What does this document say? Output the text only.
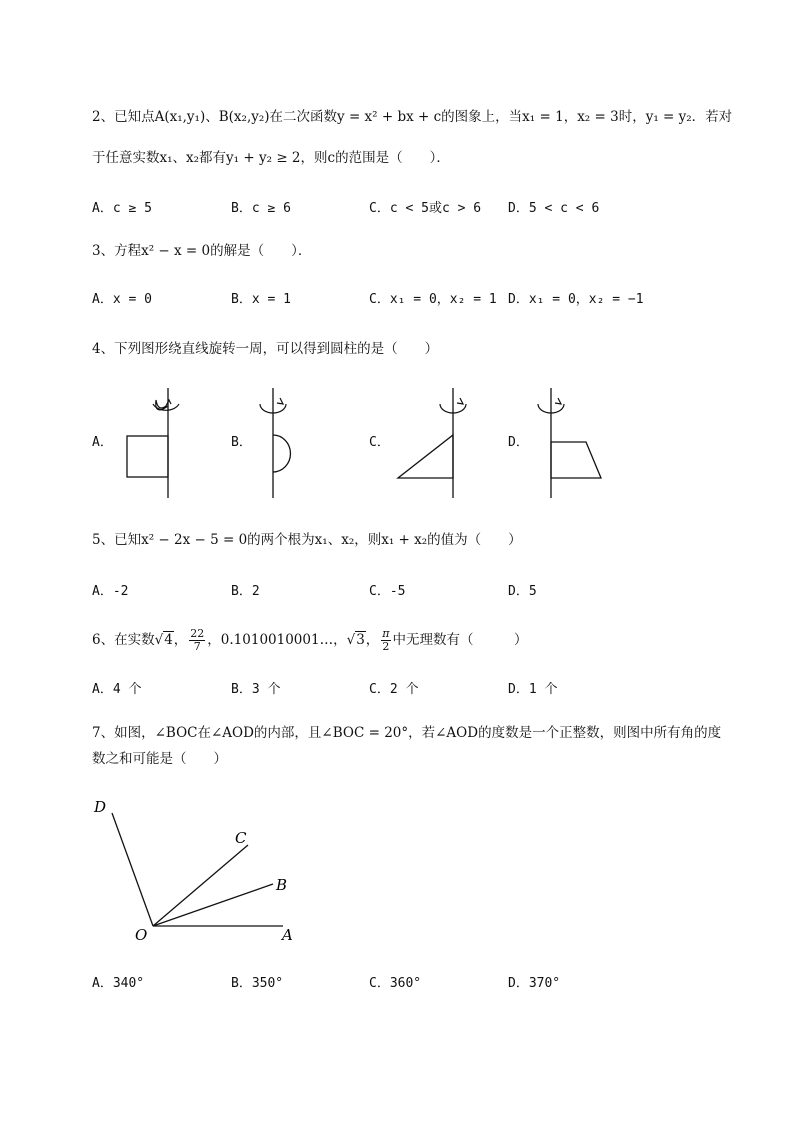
2、已知点A(x₁,y₁)、B(x₂,y₂)在二次函数y = x² + bx + c的图象上，当x₁ = 1，x₂ = 3时，y₁ = y₂．若对
于任意实数x₁、x₂都有y₁ + y₂ ≥ 2，则c的范围是（　　）．
A．c ≥ 5	B．c ≥ 6	C．c < 5或c > 6 D．5 < c < 6
3、方程x² − x = 0的解是（　　）．
A．x = 0	B．x = 1	C．x₁ = 0，x₂ = 1 D．x₁ = 0，x₂ = −1
4、下列图形绕直线旋转一周，可以得到圆柱的是（　　）
A．	B．	C．	D．
5、已知x² − 2x − 5 = 0的两个根为x₁、x₂，则x₁ + x₂的值为（　　）
A．-2	B．2	C．-5	D．5
6、在实数√4， $\frac{22}{7}$ ，0.1010010001…，√3， $\frac{\pi}{2}$ 中无理数有（　　　）
A．4 个	B．3 个	C．2 个	D．1 个
7、如图，∠BOC在∠AOD的内部，且∠BOC = 20°，若∠AOD的度数是一个正整数，则图中所有角的度
数之和可能是（　　）
D
C
B
O	A
A．340°	B．350°	C．360°	D．370°
